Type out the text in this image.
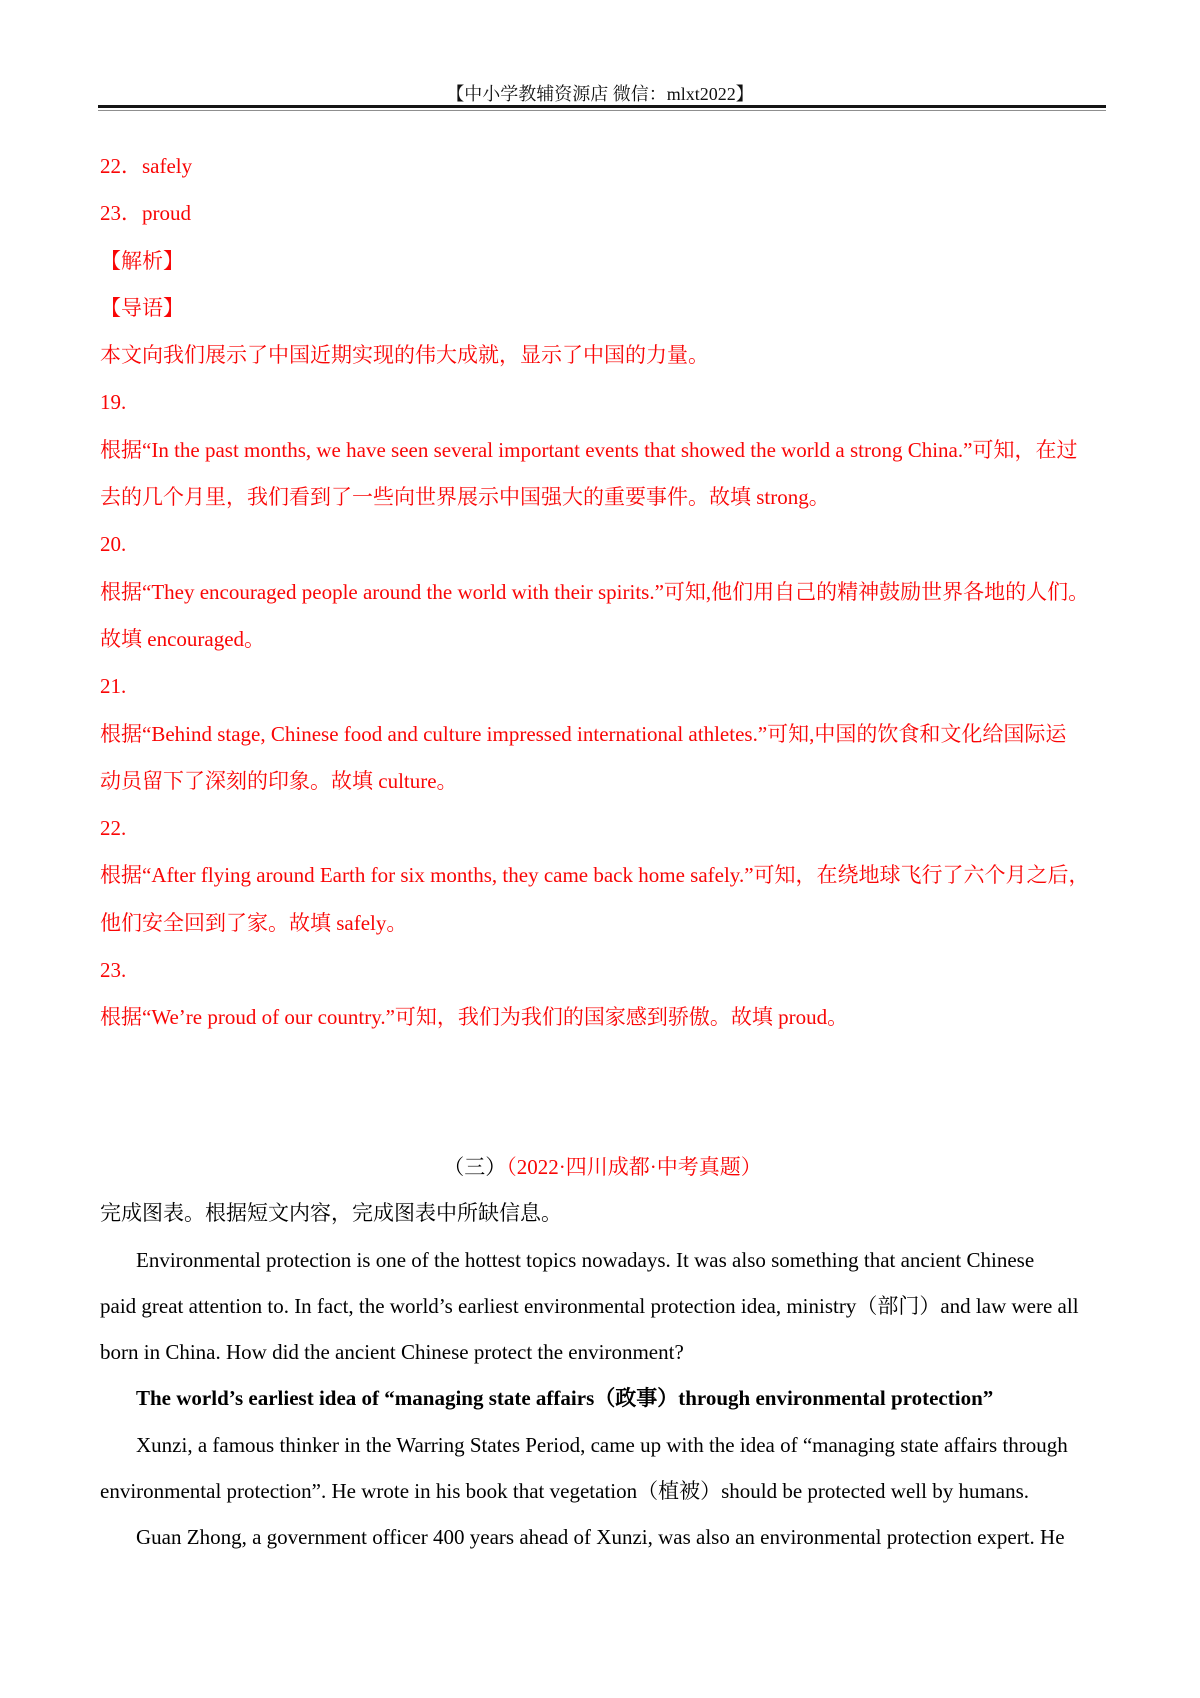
【中小学教辅资源店 微信：mlxt2022】
22．safely
23．proud
【解析】
【导语】
本文向我们展示了中国近期实现的伟大成就，显示了中国的力量。
19.
根据“In the past months, we have seen several important events that showed the world a strong China.”可知，在过
去的几个月里，我们看到了一些向世界展示中国强大的重要事件。故填 strong。
20.
根据“They encouraged people around the world with their spirits.”可知,他们用自己的精神鼓励世界各地的人们。
故填 encouraged。
21.
根据“Behind stage, Chinese food and culture impressed international athletes.”可知,中国的饮食和文化给国际运
动员留下了深刻的印象。故填 culture。
22.
根据“After flying around Earth for six months, they came back home safely.”可知，在绕地球飞行了六个月之后，
他们安全回到了家。故填 safely。
23.
根据“We’re proud of our country.”可知，我们为我们的国家感到骄傲。故填 proud。
（三）（2022·四川成都·中考真题）
完成图表。根据短文内容，完成图表中所缺信息。
Environmental protection is one of the hottest topics nowadays. It was also something that ancient Chinese
paid great attention to. In fact, the world’s earliest environmental protection idea, ministry（部门）and law were all
born in China. How did the ancient Chinese protect the environment?
The world’s earliest idea of “managing state affairs（政事）through environmental protection”
Xunzi, a famous thinker in the Warring States Period, came up with the idea of “managing state affairs through
environmental protection”. He wrote in his book that vegetation（植被）should be protected well by humans.
Guan Zhong, a government officer 400 years ahead of Xunzi, was also an environmental protection expert. He
